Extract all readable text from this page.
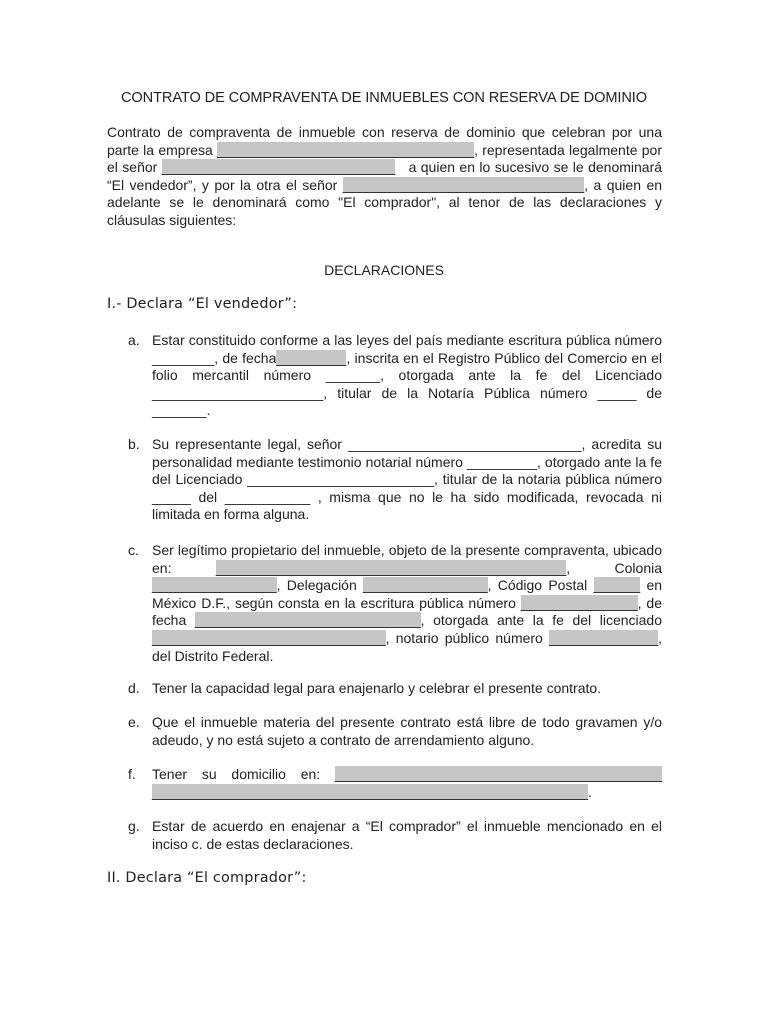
CONTRATO DE COMPRAVENTA DE INMUEBLES CON RESERVA DE DOMINIO
Contrato de compraventa de inmueble con reserva de dominio que celebran por una parte la empresa _________________________________, representada legalmente por el señor ______________________________ a quien en lo sucesivo se le denominará “El vendedor”, y por la otra el señor _______________________________, a quien en adelante se le denominará como "El comprador", al tenor de las declaraciones y cláusulas siguientes:
DECLARACIONES
I.- Declara “El vendedor”:
a. Estar constituido conforme a las leyes del país mediante escritura pública número ________, de fecha_________, inscrita en el Registro Público del Comercio en el folio mercantil número _______, otorgada ante la fe del Licenciado ______________________, titular de la Notaría Pública número _____ de _______.
b. Su representante legal, señor ______________________________, acredita su personalidad mediante testimonio notarial número _________, otorgado ante la fe del Licenciado ________________________, titular de la notaria pública número _____ del ___________ , misma que no le ha sido modificada, revocada ni limitada en forma alguna.
c. Ser legítimo propietario del inmueble, objeto de la presente compraventa, ubicado en:	_____________________________________________, Colonia ________________, Delegación ________________, Código Postal ______ en México D.F., según consta en la escritura pública número _______________, de fecha _____________________________, otorgada ante la fe del licenciado ______________________________, notario público número ______________, del Distrito Federal.
d. Tener la capacidad legal para enajenarlo y celebrar el presente contrato.
e. Que el inmueble materia del presente contrato está libre de todo gravamen y/o adeudo, y no está sujeto a contrato de arrendamiento alguno.
f. Tener su domicilio en: __________________________________________ ________________________________________________________.
g. Estar de acuerdo en enajenar a “El comprador” el inmueble mencionado en el inciso c. de estas declaraciones.
II. Declara “El comprador”:
